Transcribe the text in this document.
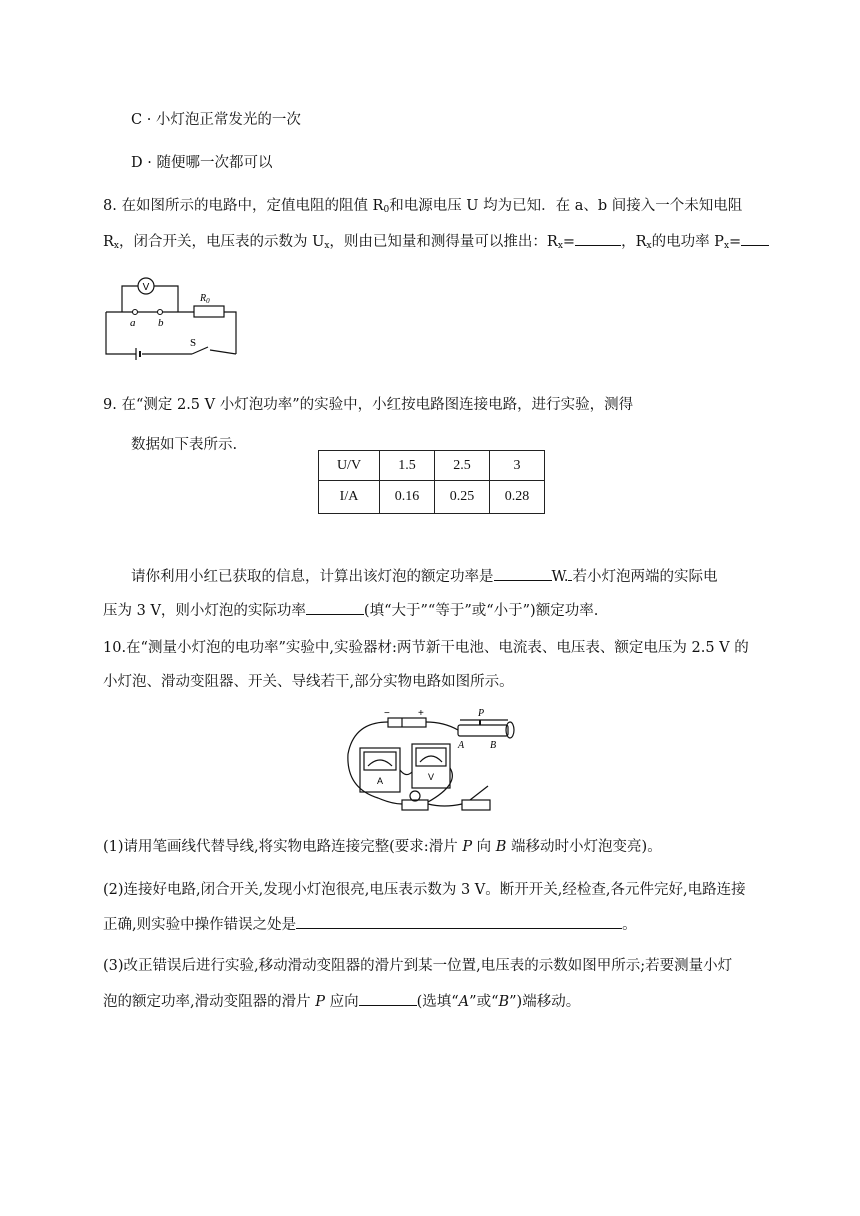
C · 小灯泡正常发光的一次
D · 随便哪一次都可以
8. 在如图所示的电路中，定值电阻的阻值 $R_0$和电源电压 U 均为已知．在 a、b 间接入一个未知电阻
$R_x$，闭合开关，电压表的示数为 $U_x$，则由已知量和测得量可以推出：$R_x=$	，$R_x$的电功率 $P_x=$
V
a b
$R_0$
S
9. 在“测定 2.5 V 小灯泡功率”的实验中，小红按电路图连接电路，进行实验，测得
数据如下表所示.
U/V	1.5	2.5	3
I/A	0.16	0.25	0.28
请你利用小红已获取的信息，计算出该灯泡的额定功率是	W. 若小灯泡两端的实际电
压为 3 V，则小灯泡的实际功率	(填“大于”“等于”或“小于”)额定功率.
10.在“测量小灯泡的电功率”实验中,实验器材:两节新干电池、电流表、电压表、额定电压为 2.5 V 的
小灯泡、滑动变阻器、开关、导线若干,部分实物电路如图所示。
−	+	P
A	B
A	V
(1)请用笔画线代替导线,将实物电路连接完整(要求:滑片 P 向 B 端移动时小灯泡变亮)。
(2)连接好电路,闭合开关,发现小灯泡很亮,电压表示数为 3 V。断开开关,经检查,各元件完好,电路连接
正确,则实验中操作错误之处是	。
(3)改正错误后进行实验,移动滑动变阻器的滑片到某一位置,电压表的示数如图甲所示;若要测量小灯
泡的额定功率,滑动变阻器的滑片 P 应向	(选填“A”或“B”)端移动。
